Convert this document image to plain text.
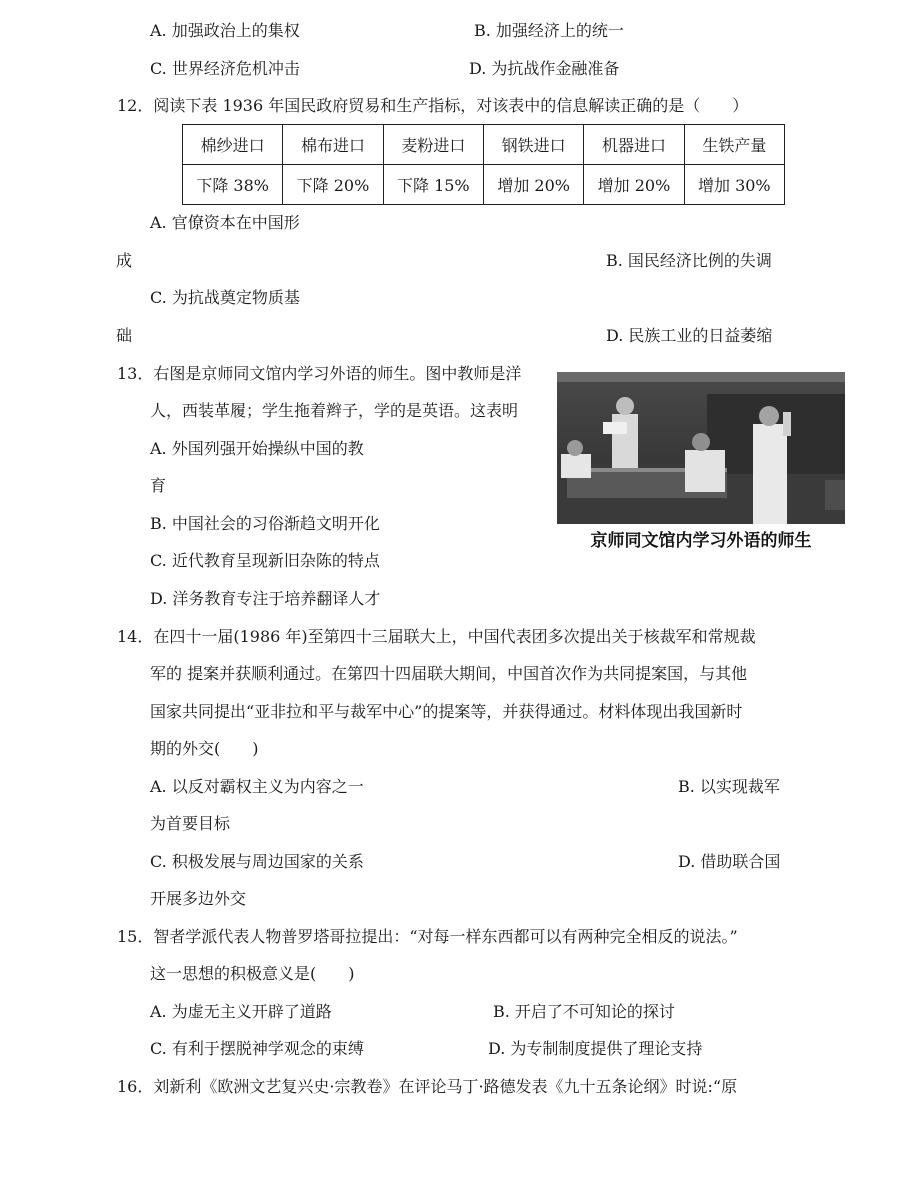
A. 加强政治上的集权	B. 加强经济上的统一
C. 世界经济危机冲击	D. 为抗战作金融准备
12．阅读下表 1936 年国民政府贸易和生产指标，对该表中的信息解读正确的是（　　）
棉纱进口	棉布进口	麦粉进口	钢铁进口	机器进口	生铁产量
下降 38%	下降 20%	下降 15%	增加 20%	增加 20%	增加 30%
A. 官僚资本在中国形
成	B. 国民经济比例的失调
C. 为抗战奠定物质基
础	D. 民族工业的日益萎缩
13．右图是京师同文馆内学习外语的师生。图中教师是洋
人，西装革履；学生拖着辫子，学的是英语。这表明
A. 外国列强开始操纵中国的教
育
B. 中国社会的习俗渐趋文明开化
C. 近代教育呈现新旧杂陈的特点
D. 洋务教育专注于培养翻译人才
京师同文馆内学习外语的师生
14．在四十一届(1986 年)至第四十三届联大上，中国代表团多次提出关于核裁军和常规裁
军的 提案并获顺利通过。在第四十四届联大期间，中国首次作为共同提案国，与其他
国家共同提出“亚非拉和平与裁军中心”的提案等，并获得通过。材料体现出我国新时
期的外交(　　)
A. 以反对霸权主义为内容之一	B. 以实现裁军
为首要目标
C. 积极发展与周边国家的关系	D. 借助联合国
开展多边外交
15．智者学派代表人物普罗塔哥拉提出：“对每一样东西都可以有两种完全相反的说法。”
这一思想的积极意义是(　　)
A. 为虚无主义开辟了道路	B. 开启了不可知论的探讨
C. 有利于摆脱神学观念的束缚	D. 为专制制度提供了理论支持
16．刘新利《欧洲文艺复兴史·宗教卷》在评论马丁·路德发表《九十五条论纲》时说:“原
